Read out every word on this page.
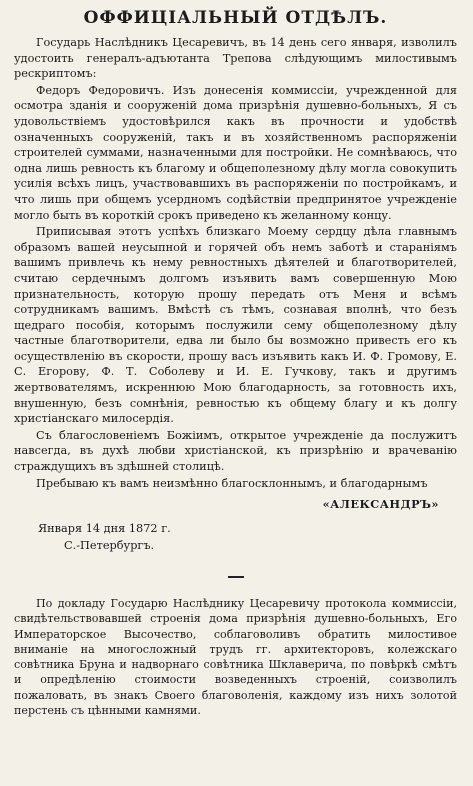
ОФФИЦІАЛЬНЫЙ ОТДѢЛЪ.

Государь Наслѣдникъ Цесаревичъ, въ 14 день сего января, изволилъ удостоить генералъ-адъютанта Трепова слѣдующимъ милостивымъ рескриптомъ:

Федоръ Федоровичъ. Изъ донесенія коммиссіи, учрежденной для осмотра зданія и сооруженій дома призрѣнія душевно-больныхъ, Я съ удовольствіемъ удостовѣрился какъ въ прочности и удобствѣ означенныхъ сооруженій, такъ и въ хозяйственномъ распоряженіи строителей суммами, назначенными для постройки. Не сомнѣваюсь, что одна лишь ревность къ благому и общеполезному дѣлу могла совокупить усилія всѣхъ лицъ, участвовавшихъ въ распоряженіи по постройкамъ, и что лишь при общемъ усердномъ содѣйствіи предпринятое учрежденіе могло быть въ короткій срокъ приведено къ желанному концу.

Приписывая этотъ успѣхъ близкаго Моему сердцу дѣла главнымъ образомъ вашей неусыпной и горячей объ немъ заботѣ и стараніямъ вашимъ привлечь къ нему ревностныхъ дѣятелей и благотворителей, считаю сердечнымъ долгомъ изъявить вамъ совершенную Мою признательность, которую прошу передать отъ Меня и всѣмъ сотрудникамъ вашимъ. Вмѣстѣ съ тѣмъ, сознавая вполнѣ, что безъ щедраго пособія, которымъ послужили сему общеполезному дѣлу частные благотворители, едва ли было бы возможно привесть его къ осуществленію въ скорости, прошу васъ изъявить какъ И. Ф. Громову, Е. С. Егорову, Ф. Т. Соболеву и И. Е. Гучкову, такъ и другимъ жертвователямъ, искреннюю Мою благодарность, за готовность ихъ, внушенную, безъ сомнѣнія, ревностью къ общему благу и къ долгу христіанскаго милосердія.

Съ благословеніемъ Божіимъ, открытое учрежденіе да послужитъ навсегда, въ духѣ любви христіанской, къ призрѣнію и врачеванію страждущихъ въ здѣшней столицѣ.

Пребываю къ вамъ неизмѣнно благосклоннымъ, и благодарнымъ

«АЛЕКСАНДРЪ»
Января 14 дня 1872 г.
С.-Петербургъ.

По докладу Государю Наслѣднику Цесаревичу протокола коммиссіи, свидѣтельствовавшей строенія дома призрѣнія душевно-больныхъ, Его Императорское Высочество, соблаговоливъ обратить милостивое вниманіе на многосложный трудъ гг. архитекторовъ, колежскаго совѣтника Бруна и надворнаго совѣтника Шклаверича, по повѣркѣ смѣтъ и опредѣленію стоимости возведенныхъ строеній, соизволилъ пожаловать, въ знакъ Своего благоволенія, каждому изъ нихъ золотой перстень съ цѣнными камнями.
